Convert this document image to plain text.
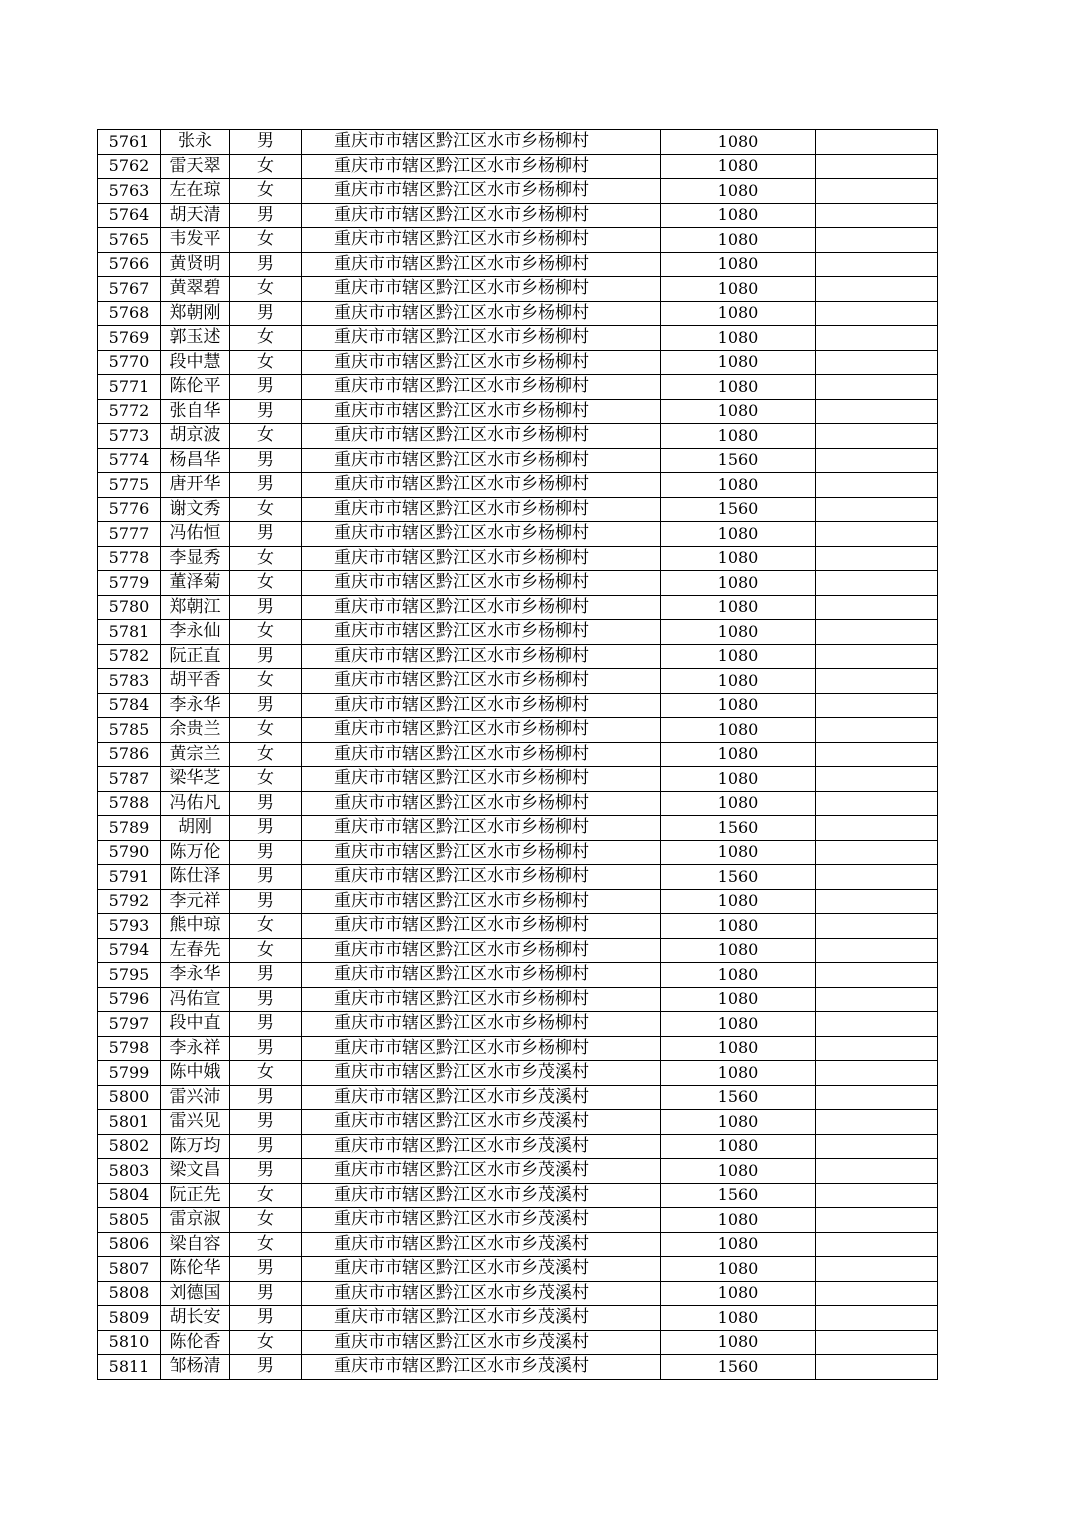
5761	张永	男	重庆市市辖区黔江区水市乡杨柳村	1080	
5762	雷天翠	女	重庆市市辖区黔江区水市乡杨柳村	1080	
5763	左在琼	女	重庆市市辖区黔江区水市乡杨柳村	1080	
5764	胡天清	男	重庆市市辖区黔江区水市乡杨柳村	1080	
5765	韦发平	女	重庆市市辖区黔江区水市乡杨柳村	1080	
5766	黄贤明	男	重庆市市辖区黔江区水市乡杨柳村	1080	
5767	黄翠碧	女	重庆市市辖区黔江区水市乡杨柳村	1080	
5768	郑朝刚	男	重庆市市辖区黔江区水市乡杨柳村	1080	
5769	郭玉述	女	重庆市市辖区黔江区水市乡杨柳村	1080	
5770	段中慧	女	重庆市市辖区黔江区水市乡杨柳村	1080	
5771	陈伦平	男	重庆市市辖区黔江区水市乡杨柳村	1080	
5772	张自华	男	重庆市市辖区黔江区水市乡杨柳村	1080	
5773	胡京波	女	重庆市市辖区黔江区水市乡杨柳村	1080	
5774	杨昌华	男	重庆市市辖区黔江区水市乡杨柳村	1560	
5775	唐开华	男	重庆市市辖区黔江区水市乡杨柳村	1080	
5776	谢文秀	女	重庆市市辖区黔江区水市乡杨柳村	1560	
5777	冯佑恒	男	重庆市市辖区黔江区水市乡杨柳村	1080	
5778	李显秀	女	重庆市市辖区黔江区水市乡杨柳村	1080	
5779	董泽菊	女	重庆市市辖区黔江区水市乡杨柳村	1080	
5780	郑朝江	男	重庆市市辖区黔江区水市乡杨柳村	1080	
5781	李永仙	女	重庆市市辖区黔江区水市乡杨柳村	1080	
5782	阮正直	男	重庆市市辖区黔江区水市乡杨柳村	1080	
5783	胡平香	女	重庆市市辖区黔江区水市乡杨柳村	1080	
5784	李永华	男	重庆市市辖区黔江区水市乡杨柳村	1080	
5785	余贵兰	女	重庆市市辖区黔江区水市乡杨柳村	1080	
5786	黄宗兰	女	重庆市市辖区黔江区水市乡杨柳村	1080	
5787	梁华芝	女	重庆市市辖区黔江区水市乡杨柳村	1080	
5788	冯佑凡	男	重庆市市辖区黔江区水市乡杨柳村	1080	
5789	胡刚	男	重庆市市辖区黔江区水市乡杨柳村	1560	
5790	陈万伦	男	重庆市市辖区黔江区水市乡杨柳村	1080	
5791	陈仕泽	男	重庆市市辖区黔江区水市乡杨柳村	1560	
5792	李元祥	男	重庆市市辖区黔江区水市乡杨柳村	1080	
5793	熊中琼	女	重庆市市辖区黔江区水市乡杨柳村	1080	
5794	左春先	女	重庆市市辖区黔江区水市乡杨柳村	1080	
5795	李永华	男	重庆市市辖区黔江区水市乡杨柳村	1080	
5796	冯佑宣	男	重庆市市辖区黔江区水市乡杨柳村	1080	
5797	段中直	男	重庆市市辖区黔江区水市乡杨柳村	1080	
5798	李永祥	男	重庆市市辖区黔江区水市乡杨柳村	1080	
5799	陈中娥	女	重庆市市辖区黔江区水市乡茂溪村	1080	
5800	雷兴沛	男	重庆市市辖区黔江区水市乡茂溪村	1560	
5801	雷兴见	男	重庆市市辖区黔江区水市乡茂溪村	1080	
5802	陈万均	男	重庆市市辖区黔江区水市乡茂溪村	1080	
5803	梁文昌	男	重庆市市辖区黔江区水市乡茂溪村	1080	
5804	阮正先	女	重庆市市辖区黔江区水市乡茂溪村	1560	
5805	雷京淑	女	重庆市市辖区黔江区水市乡茂溪村	1080	
5806	梁自容	女	重庆市市辖区黔江区水市乡茂溪村	1080	
5807	陈伦华	男	重庆市市辖区黔江区水市乡茂溪村	1080	
5808	刘德国	男	重庆市市辖区黔江区水市乡茂溪村	1080	
5809	胡长安	男	重庆市市辖区黔江区水市乡茂溪村	1080	
5810	陈伦香	女	重庆市市辖区黔江区水市乡茂溪村	1080	
5811	邹杨清	男	重庆市市辖区黔江区水市乡茂溪村	1560	
